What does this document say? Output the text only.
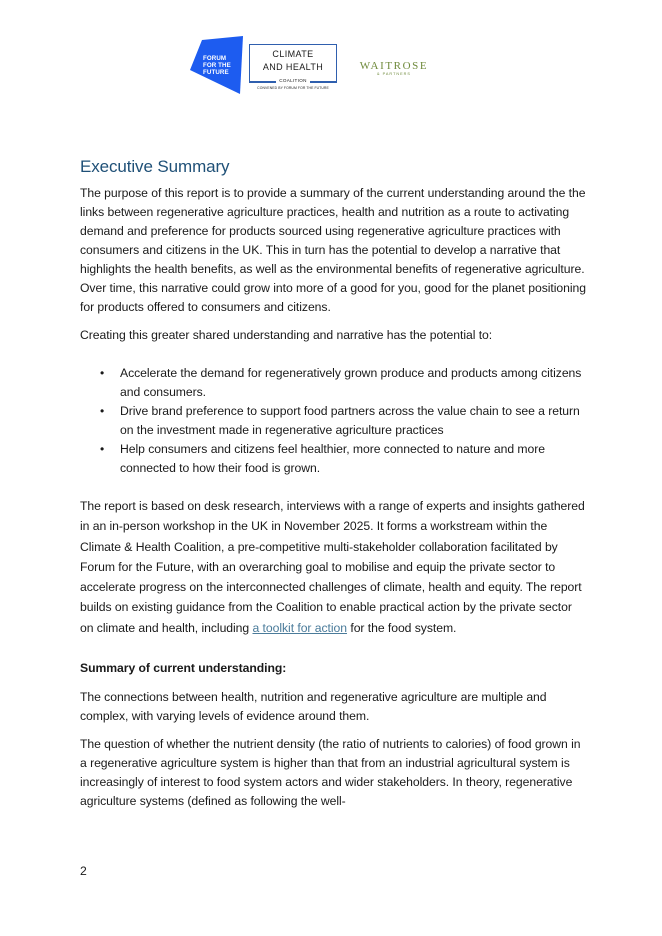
FORUM
FOR THE
FUTURE
CLIMATE
AND HEALTH
COALITION
CONVENED BY FORUM FOR THE FUTURE
WAITROSE
& PARTNERS
Executive Summary

The purpose of this report is to provide a summary of the current understanding around the the links between regenerative agriculture practices, health and nutrition as a route to activating demand and preference for products sourced using regenerative agriculture practices with consumers and citizens in the UK. This in turn has the potential to develop a narrative that highlights the health benefits, as well as the environmental benefits of regenerative agriculture. Over time, this narrative could grow into more of a good for you, good for the planet positioning for products offered to consumers and citizens.

Creating this greater shared understanding and narrative has the potential to:

• Accelerate the demand for regeneratively grown produce and products among citizens and consumers.
• Drive brand preference to support food partners across the value chain to see a return on the investment made in regenerative agriculture practices
• Help consumers and citizens feel healthier, more connected to nature and more connected to how their food is grown.

The report is based on desk research, interviews with a range of experts and insights gathered in an in-person workshop in the UK in November 2025. It forms a workstream within the Climate & Health Coalition, a pre-competitive multi-stakeholder collaboration facilitated by Forum for the Future, with an overarching goal to mobilise and equip the private sector to accelerate progress on the interconnected challenges of climate, health and equity. The report builds on existing guidance from the Coalition to enable practical action by the private sector on climate and health, including a toolkit for action for the food system.

Summary of current understanding:

The connections between health, nutrition and regenerative agriculture are multiple and complex, with varying levels of evidence around them.

The question of whether the nutrient density (the ratio of nutrients to calories) of food grown in a regenerative agriculture system is higher than that from an industrial agricultural system is increasingly of interest to food system actors and wider stakeholders. In theory, regenerative agriculture systems (defined as following the well-

2
